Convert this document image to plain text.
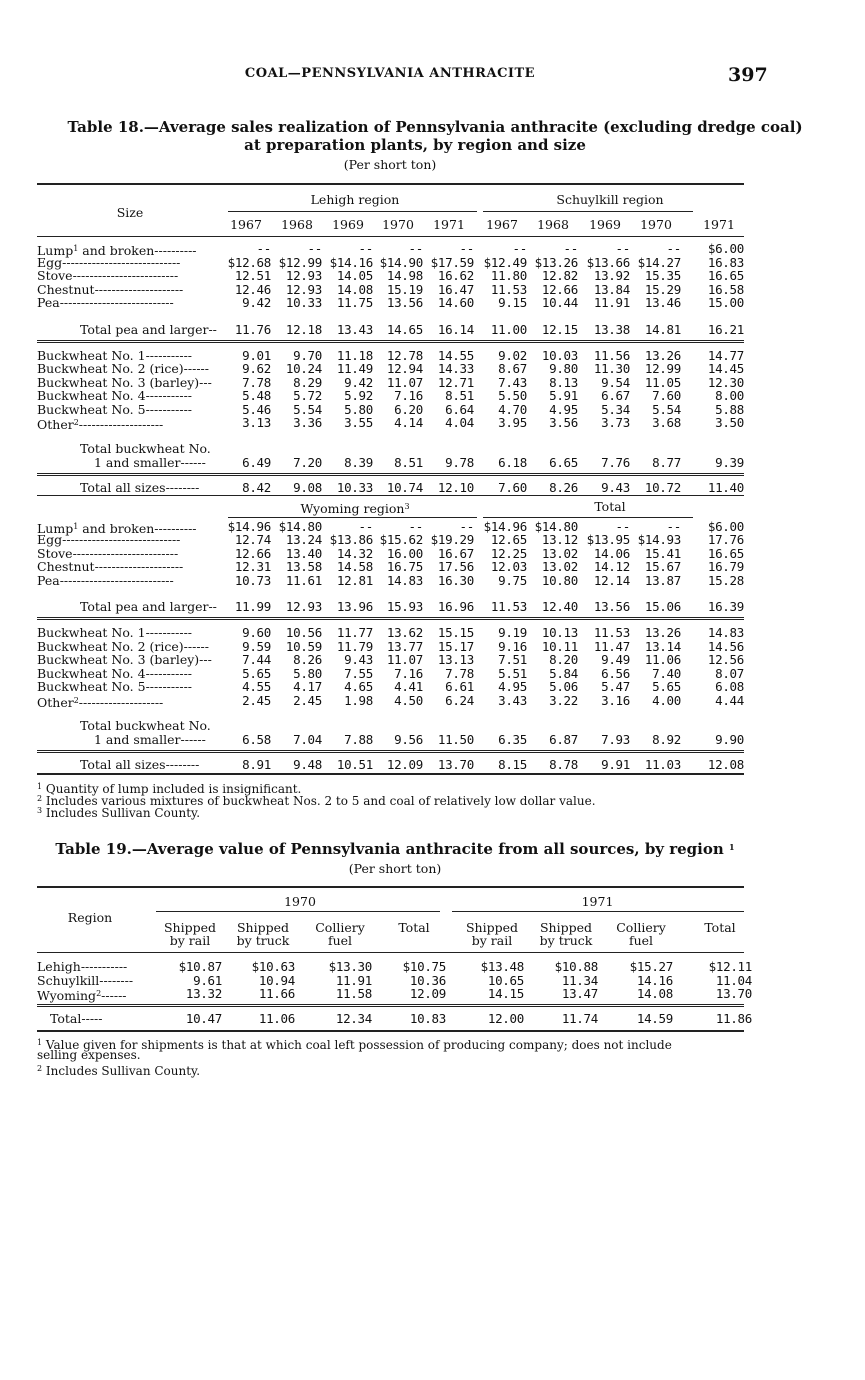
COAL—PENNSYLVANIA ANTHRACITE	397
Table 18.—Average sales realization of Pennsylvania anthracite (excluding dredge coal)
at preparation plants, by region and size
(Per short ton)
Size
Lehigh region	Schuylkill region
1967	1968	1969	1970	1971	1967	1968	1969	1970	1971
Lump$^1$ and broken----------	--	--	--	--	--	--	--	--	--	$6.00
Egg----------------------------	$12.68 $12.99 $14.16 $14.90 $17.59 $12.49 $13.26 $13.66 $14.27	16.83
Stove-------------------------	12.51	12.93	14.05	14.98	16.62	11.80	12.82	13.92	15.35	16.65
Chestnut---------------------	12.46	12.93	14.08	15.19	16.47	11.53	12.66	13.84	15.29	16.58
Pea---------------------------	9.42	10.33	11.75	13.56	14.60	9.15	10.44	11.91	13.46	15.00
Total pea and larger--	11.76	12.18	13.43	14.65	16.14	11.00	12.15	13.38	14.81	16.21
Buckwheat No. 1-----------	9.01	9.70	11.18	12.78	14.55	9.02	10.03	11.56	13.26	14.77
Buckwheat No. 2 (rice)------	9.62	10.24	11.49	12.94	14.33	8.67	9.80	11.30	12.99	14.45
Buckwheat No. 3 (barley)---	7.78	8.29	9.42	11.07	12.71	7.43	8.13	9.54	11.05	12.30
Buckwheat No. 4-----------	5.48	5.72	5.92	7.16	8.51	5.50	5.91	6.67	7.60	8.00
Buckwheat No. 5-----------	5.46	5.54	5.80	6.20	6.64	4.70	4.95	5.34	5.54	5.88
Other$^2$--------------------	3.13	3.36	3.55	4.14	4.04	3.95	3.56	3.73	3.68	3.50
Total buckwheat No.
1 and smaller------	6.49	7.20	8.39	8.51	9.78	6.18	6.65	7.76	8.77	9.39
Total all sizes--------	8.42	9.08	10.33	10.74	12.10	7.60	8.26	9.43	10.72	11.40
Wyoming region$^3$	Total
Lump$^1$ and broken----------	$14.96 $14.80	--	--	-- $14.96 $14.80	--	--	$6.00
Egg----------------------------	12.74	13.24 $13.86 $15.62 $19.29	12.65	13.12 $13.95 $14.93	17.76
Stove-------------------------	12.66	13.40	14.32	16.00	16.67	12.25	13.02	14.06	15.41	16.65
Chestnut---------------------	12.31	13.58	14.58	16.75	17.56	12.03	13.02	14.12	15.67	16.79
Pea---------------------------	10.73	11.61	12.81	14.83	16.30	9.75	10.80	12.14	13.87	15.28
Total pea and larger--	11.99	12.93	13.96	15.93	16.96	11.53	12.40	13.56	15.06	16.39
Buckwheat No. 1-----------	9.60	10.56	11.77	13.62	15.15	9.19	10.13	11.53	13.26	14.83
Buckwheat No. 2 (rice)------	9.59	10.59	11.79	13.77	15.17	9.16	10.11	11.47	13.14	14.56
Buckwheat No. 3 (barley)---	7.44	8.26	9.43	11.07	13.13	7.51	8.20	9.49	11.06	12.56
Buckwheat No. 4-----------	5.65	5.80	7.55	7.16	7.78	5.51	5.84	6.56	7.40	8.07
Buckwheat No. 5-----------	4.55	4.17	4.65	4.41	6.61	4.95	5.06	5.47	5.65	6.08
Other$^2$--------------------	2.45	2.45	1.98	4.50	6.24	3.43	3.22	3.16	4.00	4.44
Total buckwheat No.
1 and smaller------	6.58	7.04	7.88	9.56	11.50	6.35	6.87	7.93	8.92	9.90
Total all sizes--------	8.91	9.48	10.51	12.09	13.70	8.15	8.78	9.91	11.03	12.08
$^1$ Quantity of lump included is insignificant.
$^2$ Includes various mixtures of buckwheat Nos. 2 to 5 and coal of relatively low dollar value.
$^3$ Includes Sullivan County.
Table 19.—Average value of Pennsylvania anthracite from all sources, by region $^1$
(Per short ton)
Region
1970	1971
Shipped
by rail
Shipped
by truck
Colliery
fuel
Total	Shipped
by rail
Shipped
by truck
Colliery
fuel
Total
Lehigh-----------	$10.87	$10.63	$13.30	$10.75	$13.48	$10.88	$15.27	$12.11
Schuylkill--------	9.61	10.94	11.91	10.36	10.65	11.34	14.16	11.04
Wyoming$^2$------	13.32	11.66	11.58	12.09	14.15	13.47	14.08	13.70
Total-----	10.47	11.06	12.34	10.83	12.00	11.74	14.59	11.86
$^1$ Value given for shipments is that at which coal left possession of producing company; does not include
selling expenses.
$^2$ Includes Sullivan County.
